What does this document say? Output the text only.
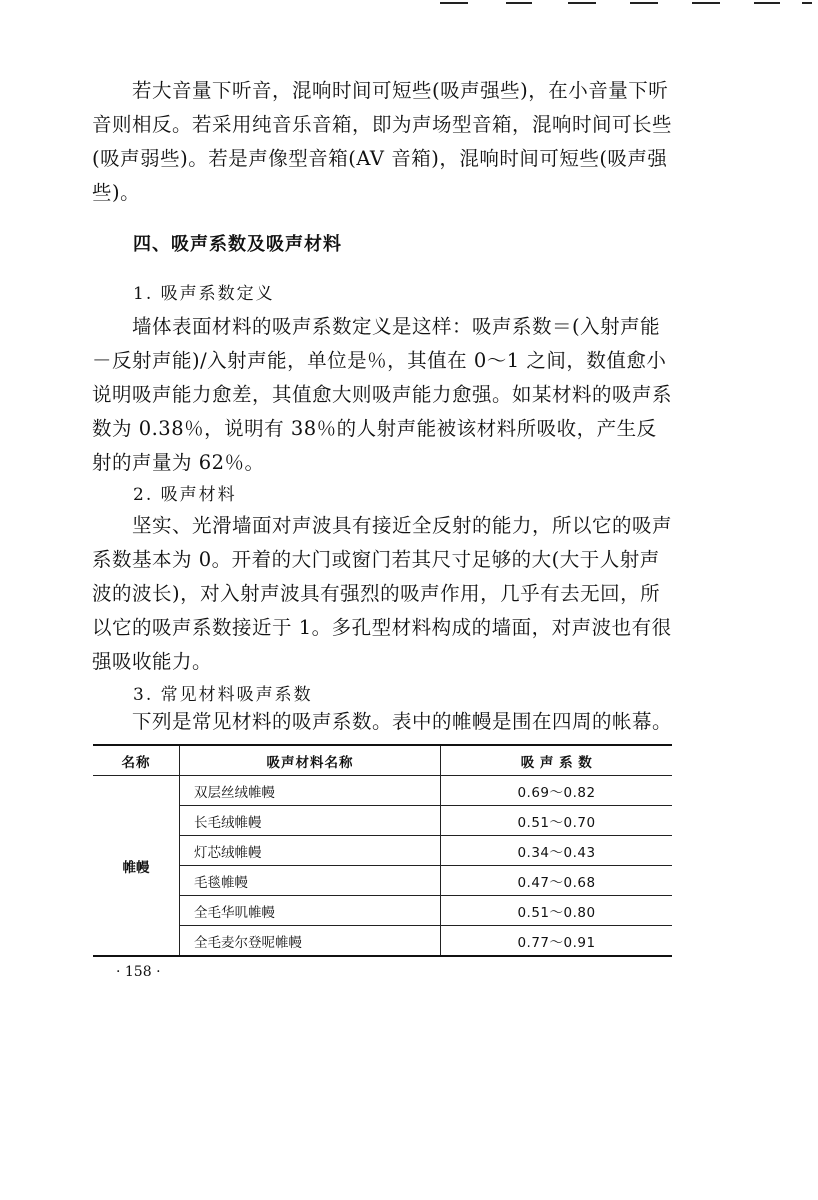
若大音量下听音，混响时间可短些(吸声强些)，在小音量下听音则相反。若采用纯音乐音箱，即为声场型音箱，混响时间可长些(吸声弱些)。若是声像型音箱(AV 音箱)，混响时间可短些(吸声强些)。

四、吸声系数及吸声材料

1. 吸声系数定义

墙体表面材料的吸声系数定义是这样：吸声系数＝(入射声能－反射声能)/入射声能，单位是％，其值在 0～1 之间，数值愈小说明吸声能力愈差，其值愈大则吸声能力愈强。如某材料的吸声系数为 0.38％，说明有 38％的人射声能被该材料所吸收，产生反射的声量为 62％。

2. 吸声材料

坚实、光滑墙面对声波具有接近全反射的能力，所以它的吸声系数基本为 0。开着的大门或窗门若其尺寸足够的大(大于人射声波的波长)，对入射声波具有强烈的吸声作用，几乎有去无回，所以它的吸声系数接近于 1。多孔型材料构成的墙面，对声波也有很强吸收能力。

3. 常见材料吸声系数

下列是常见材料的吸声系数。表中的帷幔是围在四周的帐幕。

名称	吸声材料名称	吸 声 系 数
帷幔	双层丝绒帷幔	0.69～0.82
	长毛绒帷幔	0.51～0.70
	灯芯绒帷幔	0.34～0.43
	毛毯帷幔	0.47～0.68
	全毛华叽帷幔	0.51～0.80
	全毛麦尔登呢帷幔	0.77～0.91

· 158 ·
